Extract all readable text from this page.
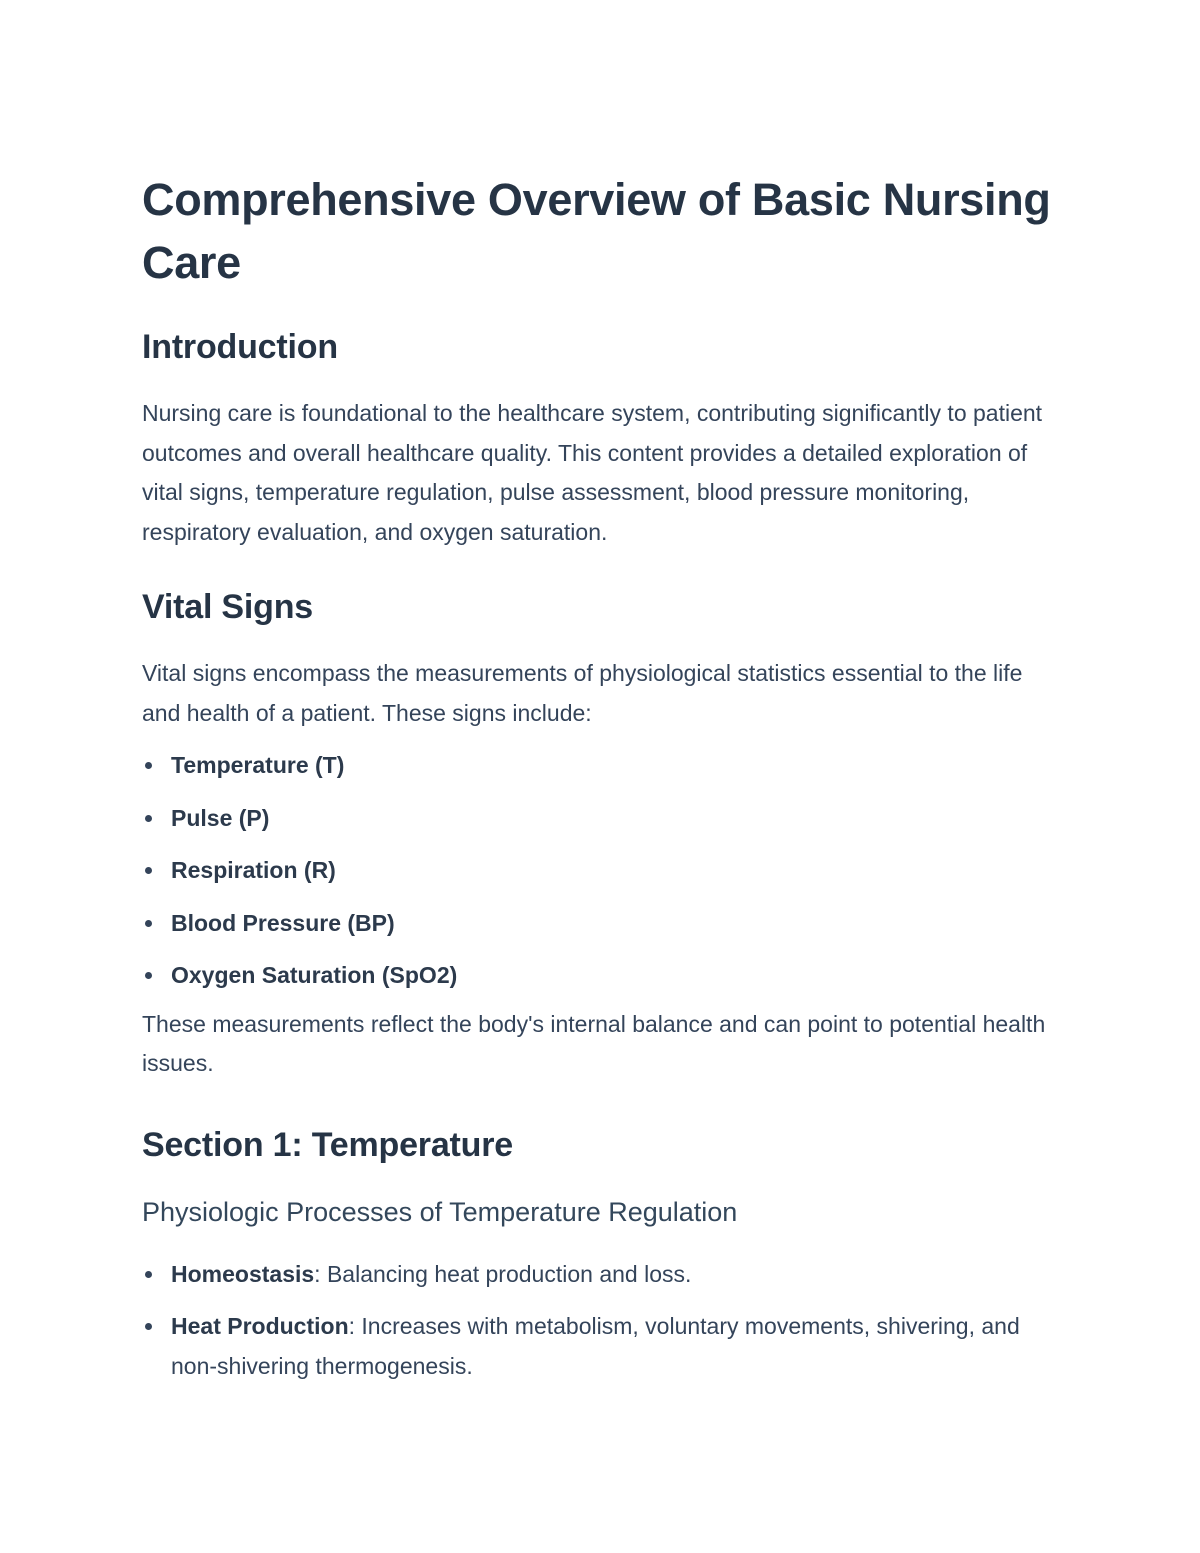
Comprehensive Overview of Basic Nursing Care
Introduction

Nursing care is foundational to the healthcare system, contributing significantly to patient outcomes and overall healthcare quality. This content provides a detailed exploration of vital signs, temperature regulation, pulse assessment, blood pressure monitoring, respiratory evaluation, and oxygen saturation.

Vital Signs

Vital signs encompass the measurements of physiological statistics essential to the life and health of a patient. These signs include:

Temperature (T)
Pulse (P)
Respiration (R)
Blood Pressure (BP)
Oxygen Saturation (SpO2)

These measurements reflect the body's internal balance and can point to potential health issues.

Section 1: Temperature
Physiologic Processes of Temperature Regulation
Homeostasis: Balancing heat production and loss.
Heat Production: Increases with metabolism, voluntary movements, shivering, and non-shivering thermogenesis.
